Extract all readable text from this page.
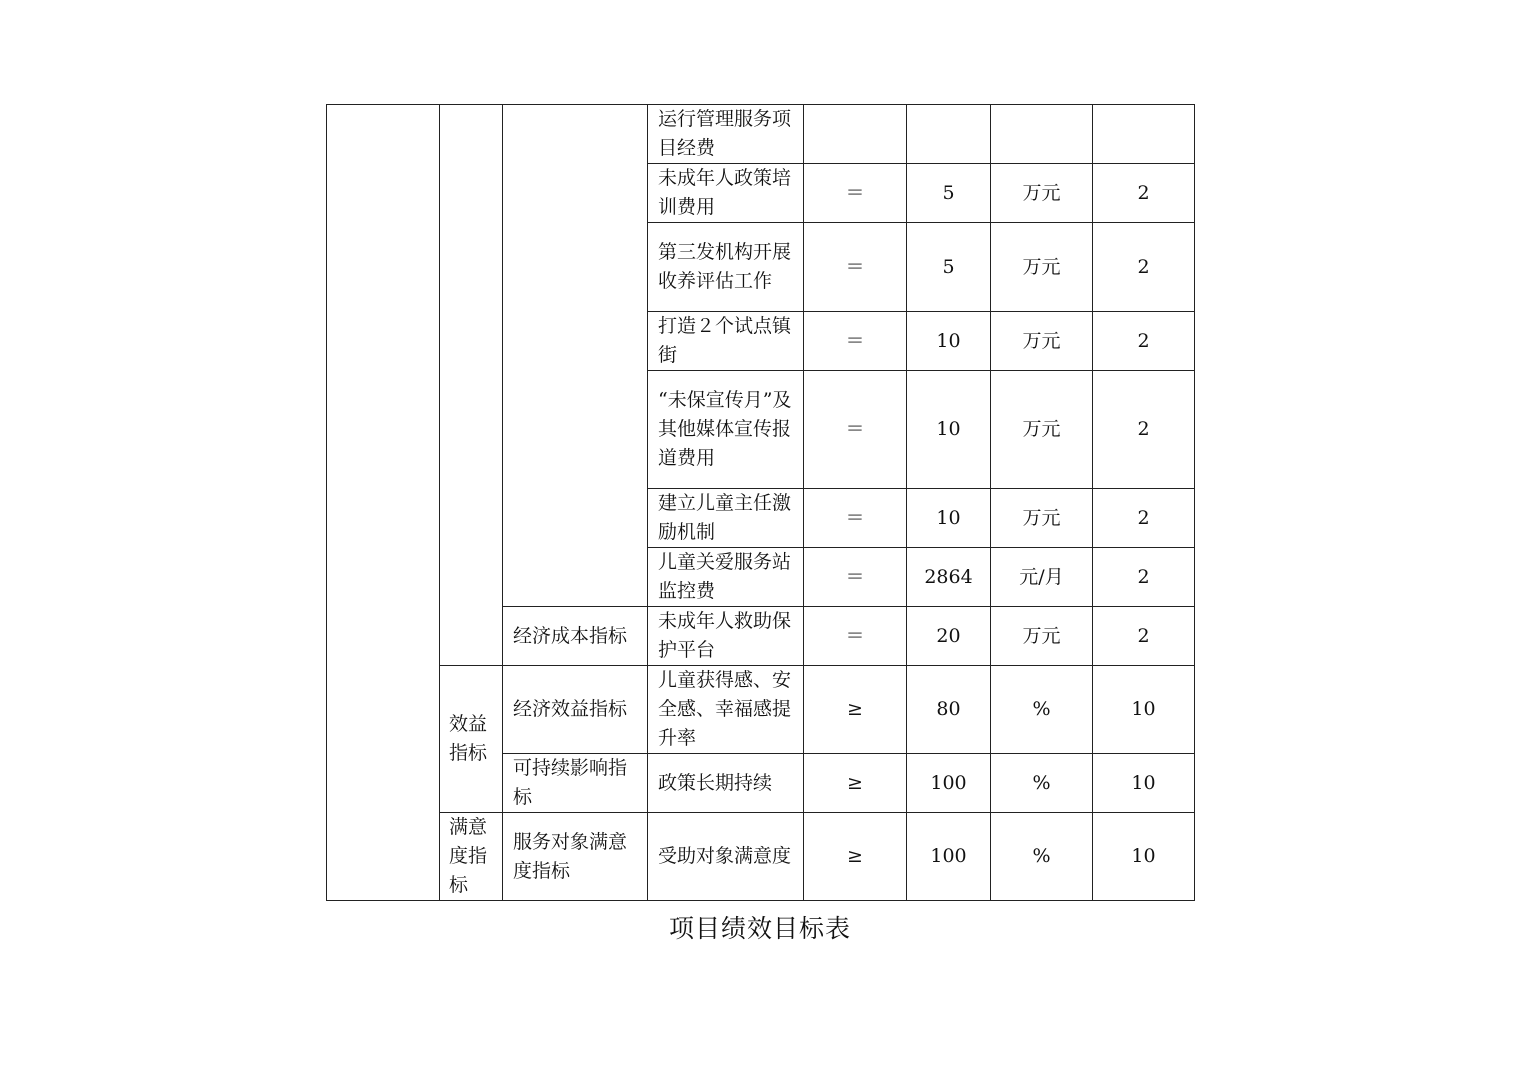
			运行管理服务项目经费				
			未成年人政策培训费用	＝	5	万元	2
			第三发机构开展收养评估工作	＝	5	万元	2
			打造２个试点镇街	＝	10	万元	2
			“未保宣传月”及其他媒体宣传报道费用	＝	10	万元	2
			建立儿童主任激励机制	＝	10	万元	2
			儿童关爱服务站监控费	＝	2864	元/月	2
		经济成本指标	未成年人救助保护平台	＝	20	万元	2
	效益指标	经济效益指标	儿童获得感、安全感、幸福感提升率	≥	80	%	10
		可持续影响指标	政策长期持续	≥	100	%	10
	满意度指标	服务对象满意度指标	受助对象满意度	≥	100	%	10
项目绩效目标表
